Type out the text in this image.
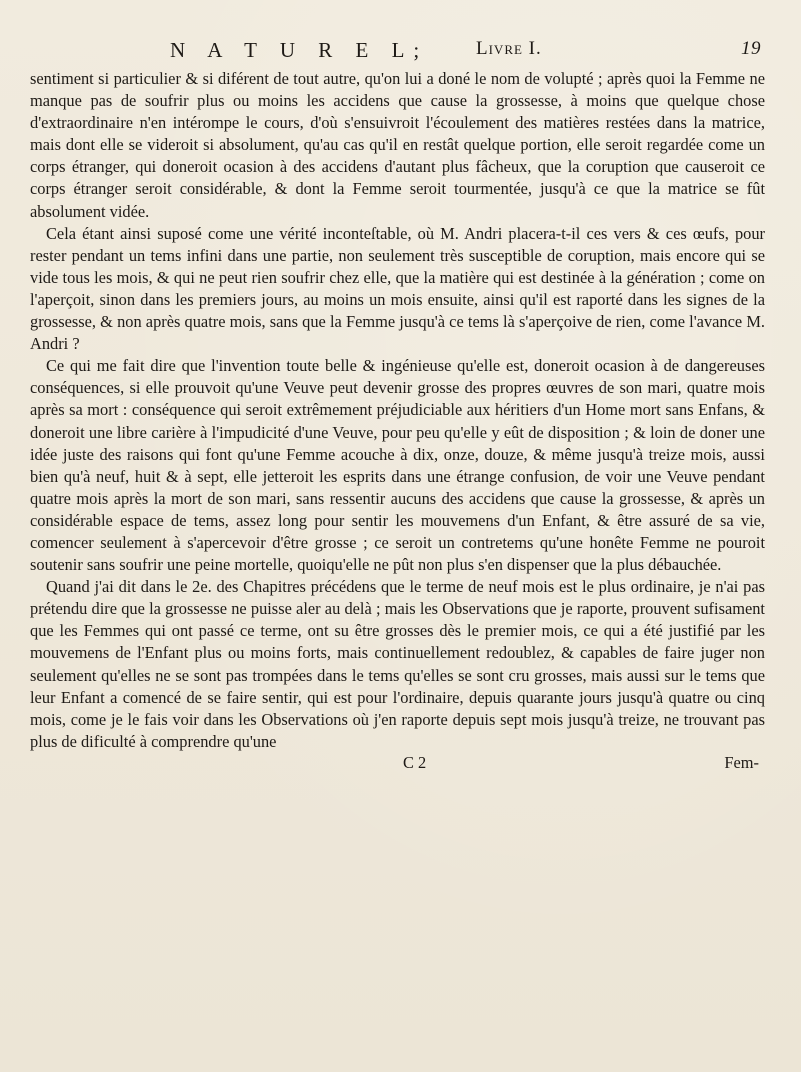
N A T U R E L;	Livre I.	19

sentiment si particulier & si diférent de tout autre, qu'on lui a doné le nom de volupté ; après quoi la Femme ne manque pas de soufrir plus ou moins les accidens que cause la grossesse, à moins que quelque chose d'extraordinaire n'en intérompe le cours, d'où s'ensuivroit l'écoulement des matières restées dans la matrice, mais dont elle se videroit si absolument, qu'au cas qu'il en restât quelque portion, elle seroit regardée come un corps étranger, qui doneroit ocasion à des accidens d'autant plus fâcheux, que la coruption que causeroit ce corps étranger seroit considérable, & dont la Femme seroit tourmentée, jusqu'à ce que la matrice se fût absolument vidée.

Cela étant ainsi suposé come une vérité inconteſtable, où M. Andri placera-t-il ces vers & ces œufs, pour rester pendant un tems infini dans une partie, non seulement très susceptible de coruption, mais encore qui se vide tous les mois, & qui ne peut rien soufrir chez elle, que la matière qui est destinée à la génération ; come on l'aperçoit, sinon dans les premiers jours, au moins un mois ensuite, ainsi qu'il est raporté dans les signes de la grossesse, & non après quatre mois, sans que la Femme jusqu'à ce tems là s'aperçoive de rien, come l'avance M. Andri ?

Ce qui me fait dire que l'invention toute belle & ingénieuse qu'elle est, doneroit ocasion à de dangereuses conséquences, si elle prouvoit qu'une Veuve peut devenir grosse des propres œuvres de son mari, quatre mois après sa mort : conséquence qui seroit extrêmement préjudiciable aux héritiers d'un Home mort sans Enfans, & doneroit une libre carière à l'impudicité d'une Veuve, pour peu qu'elle y eût de disposition ; & loin de doner une idée juste des raisons qui font qu'une Femme acouche à dix, onze, douze, & même jusqu'à treize mois, aussi bien qu'à neuf, huit & à sept, elle jetteroit les esprits dans une étrange confusion, de voir une Veuve pendant quatre mois après la mort de son mari, sans ressentir aucuns des accidens que cause la grossesse, & après un considérable espace de tems, assez long pour sentir les mouvemens d'un Enfant, & être assuré de sa vie, comencer seulement à s'apercevoir d'être grosse ; ce seroit un contretems qu'une honête Femme ne pouroit soutenir sans soufrir une peine mortelle, quoiqu'elle ne pût non plus s'en dispenser que la plus débauchée.

Quand j'ai dit dans le 2e. des Chapitres précédens que le terme de neuf mois est le plus ordinaire, je n'ai pas prétendu dire que la grossesse ne puisse aler au delà ; mais les Observations que je raporte, prouvent sufisament que les Femmes qui ont passé ce terme, ont su être grosses dès le premier mois, ce qui a été justifié par les mouvemens de l'Enfant plus ou moins forts, mais continuellement redoublez, & capables de faire juger non seulement qu'elles ne se sont pas trompées dans le tems qu'elles se sont cru grosses, mais aussi sur le tems que leur Enfant a comencé de se faire sentir, qui est pour l'ordinaire, depuis quarante jours jusqu'à quatre ou cinq mois, come je le fais voir dans les Observations où j'en raporte depuis sept mois jusqu'à treize, ne trouvant pas plus de dificulté à comprendre qu'une

C 2	Fem-
